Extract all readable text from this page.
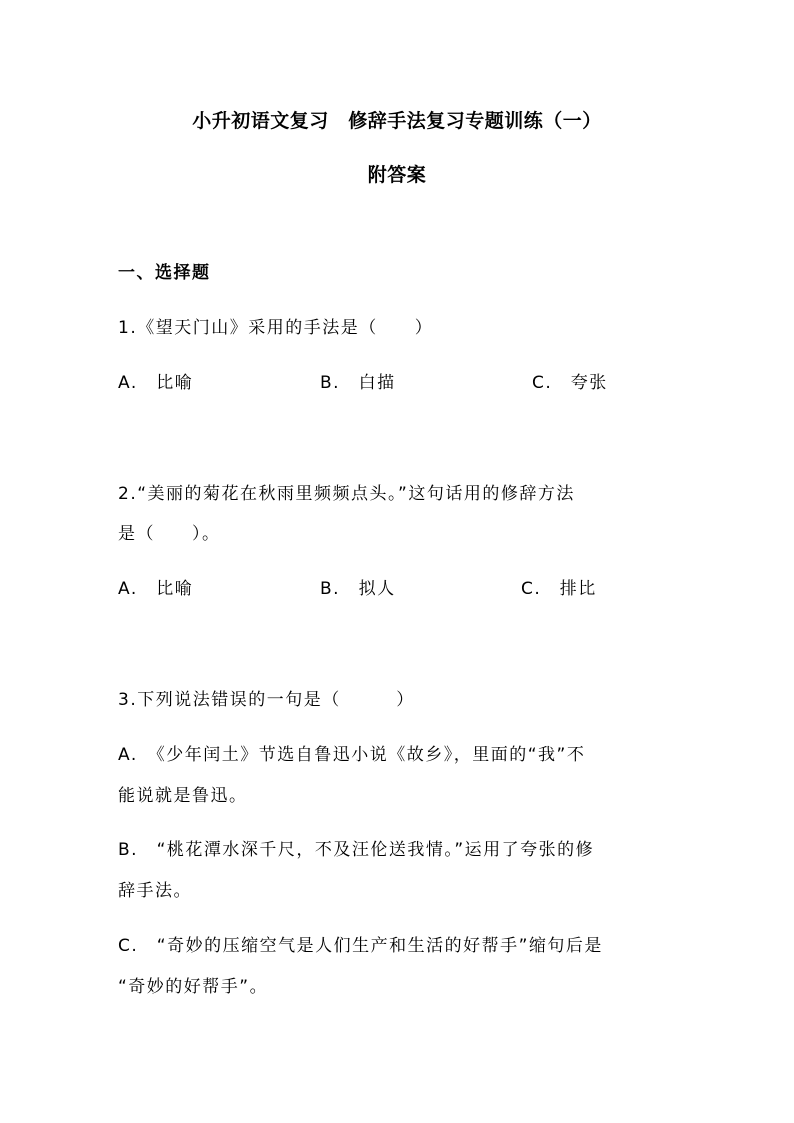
小升初语文复习　修辞手法复习专题训练（一）
附答案
一、选择题
1.《望天门山》采用的手法是（　　）
A.　比喻	B.　白描	C.　夸张
2.“美丽的菊花在秋雨里频频点头。”这句话用的修辞方法
是（　　）。
A.　比喻	B.　拟人	C.　排比
3.下列说法错误的一句是（　　　）
A.　《少年闰土》节选自鲁迅小说《故乡》，里面的“我”不
能说就是鲁迅。
B.　“桃花潭水深千尺，不及汪伦送我情。”运用了夸张的修
辞手法。
C.　“奇妙的压缩空气是人们生产和生活的好帮手”缩句后是
“奇妙的好帮手”。
